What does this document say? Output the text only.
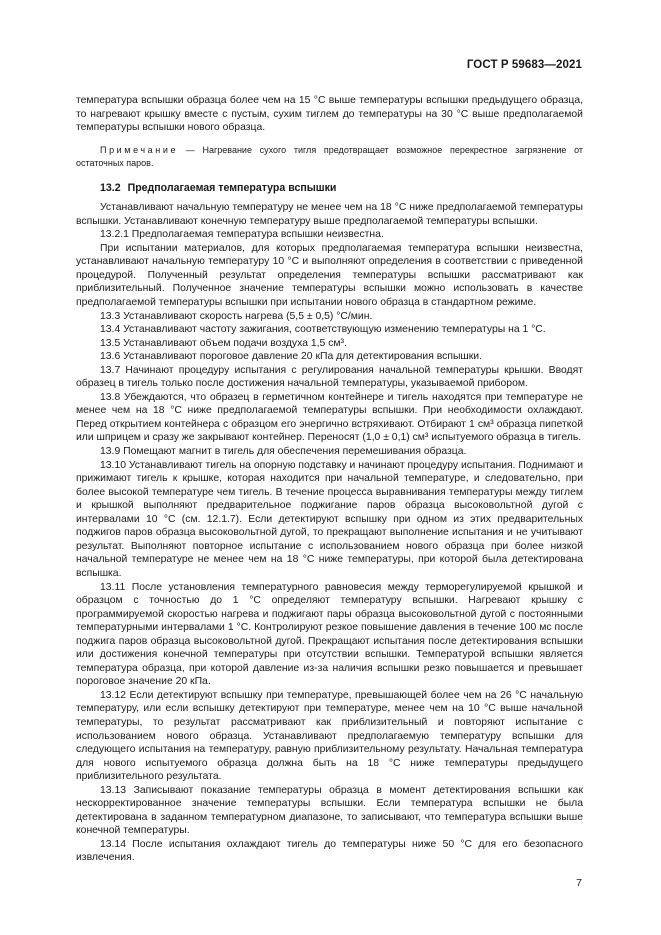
ГОСТ Р 59683—2021

температура вспышки образца более чем на 15 °С выше температуры вспышки предыдущего образца, то нагревают крышку вместе с пустым, сухим тиглем до температуры на 30 °С выше предполагаемой температуры вспышки нового образца.

Примечание — Нагревание сухого тигля предотвращает возможное перекрестное загрязнение от остаточных паров.

13.2 Предполагаемая температура вспышки

Устанавливают начальную температуру не менее чем на 18 °С ниже предполагаемой температуры вспышки. Устанавливают конечную температуру выше предполагаемой температуры вспышки.

13.2.1 Предполагаемая температура вспышки неизвестна.

При испытании материалов, для которых предполагаемая температура вспышки неизвестна, устанавливают начальную температуру 10 °С и выполняют определения в соответствии с приведенной процедурой. Полученный результат определения температуры вспышки рассматривают как приблизительный. Полученное значение температуры вспышки можно использовать в качестве предполагаемой температуры вспышки при испытании нового образца в стандартном режиме.

13.3 Устанавливают скорость нагрева (5,5 ± 0,5) °С/мин.

13.4 Устанавливают частоту зажигания, соответствующую изменению температуры на 1 °С.

13.5 Устанавливают объем подачи воздуха 1,5 см³.

13.6 Устанавливают пороговое давление 20 кПа для детектирования вспышки.

13.7 Начинают процедуру испытания с регулирования начальной температуры крышки. Вводят образец в тигель только после достижения начальной температуры, указываемой прибором.

13.8 Убеждаются, что образец в герметичном контейнере и тигель находятся при температуре не менее чем на 18 °С ниже предполагаемой температуры вспышки. При необходимости охлаждают. Перед открытием контейнера с образцом его энергично встряхивают. Отбирают 1 см³ образца пипеткой или шприцем и сразу же закрывают контейнер. Переносят (1,0 ± 0,1) см³ испытуемого образца в тигель.

13.9 Помещают магнит в тигель для обеспечения перемешивания образца.

13.10 Устанавливают тигель на опорную подставку и начинают процедуру испытания. Поднимают и прижимают тигель к крышке, которая находится при начальной температуре, и следовательно, при более высокой температуре чем тигель. В течение процесса выравнивания температуры между тиглем и крышкой выполняют предварительное поджигание паров образца высоковольтной дугой с интервалами 10 °С (см. 12.1.7). Если детектируют вспышку при одном из этих предварительных поджигов паров образца высоковольтной дугой, то прекращают выполнение испытания и не учитывают результат. Выполняют повторное испытание с использованием нового образца при более низкой начальной температуре не менее чем на 18 °С ниже температуры, при которой была детектирована вспышка.

13.11 После установления температурного равновесия между терморегулируемой крышкой и образцом с точностью до 1 °С определяют температуру вспышки. Нагревают крышку с программируемой скоростью нагрева и поджигают пары образца высоковольтной дугой с постоянными температурными интервалами 1 °С. Контролируют резкое повышение давления в течение 100 мс после поджига паров образца высоковольтной дугой. Прекращают испытания после детектирования вспышки или достижения конечной температуры при отсутствии вспышки. Температурой вспышки является температура образца, при которой давление из-за наличия вспышки резко повышается и превышает пороговое значение 20 кПа.

13.12 Если детектируют вспышку при температуре, превышающей более чем на 26 °С начальную температуру, или если вспышку детектируют при температуре, менее чем на 10 °С выше начальной температуры, то результат рассматривают как приблизительный и повторяют испытание с использованием нового образца. Устанавливают предполагаемую температуру вспышки для следующего испытания на температуру, равную приблизительному результату. Начальная температура для нового испытуемого образца должна быть на 18 °С ниже температуры предыдущего приблизительного результата.

13.13 Записывают показание температуры образца в момент детектирования вспышки как нескорректированное значение температуры вспышки. Если температура вспышки не была детектирована в заданном температурном диапазоне, то записывают, что температура вспышки выше конечной температуры.

13.14 После испытания охлаждают тигель до температуры ниже 50 °С для его безопасного извлечения.

7
